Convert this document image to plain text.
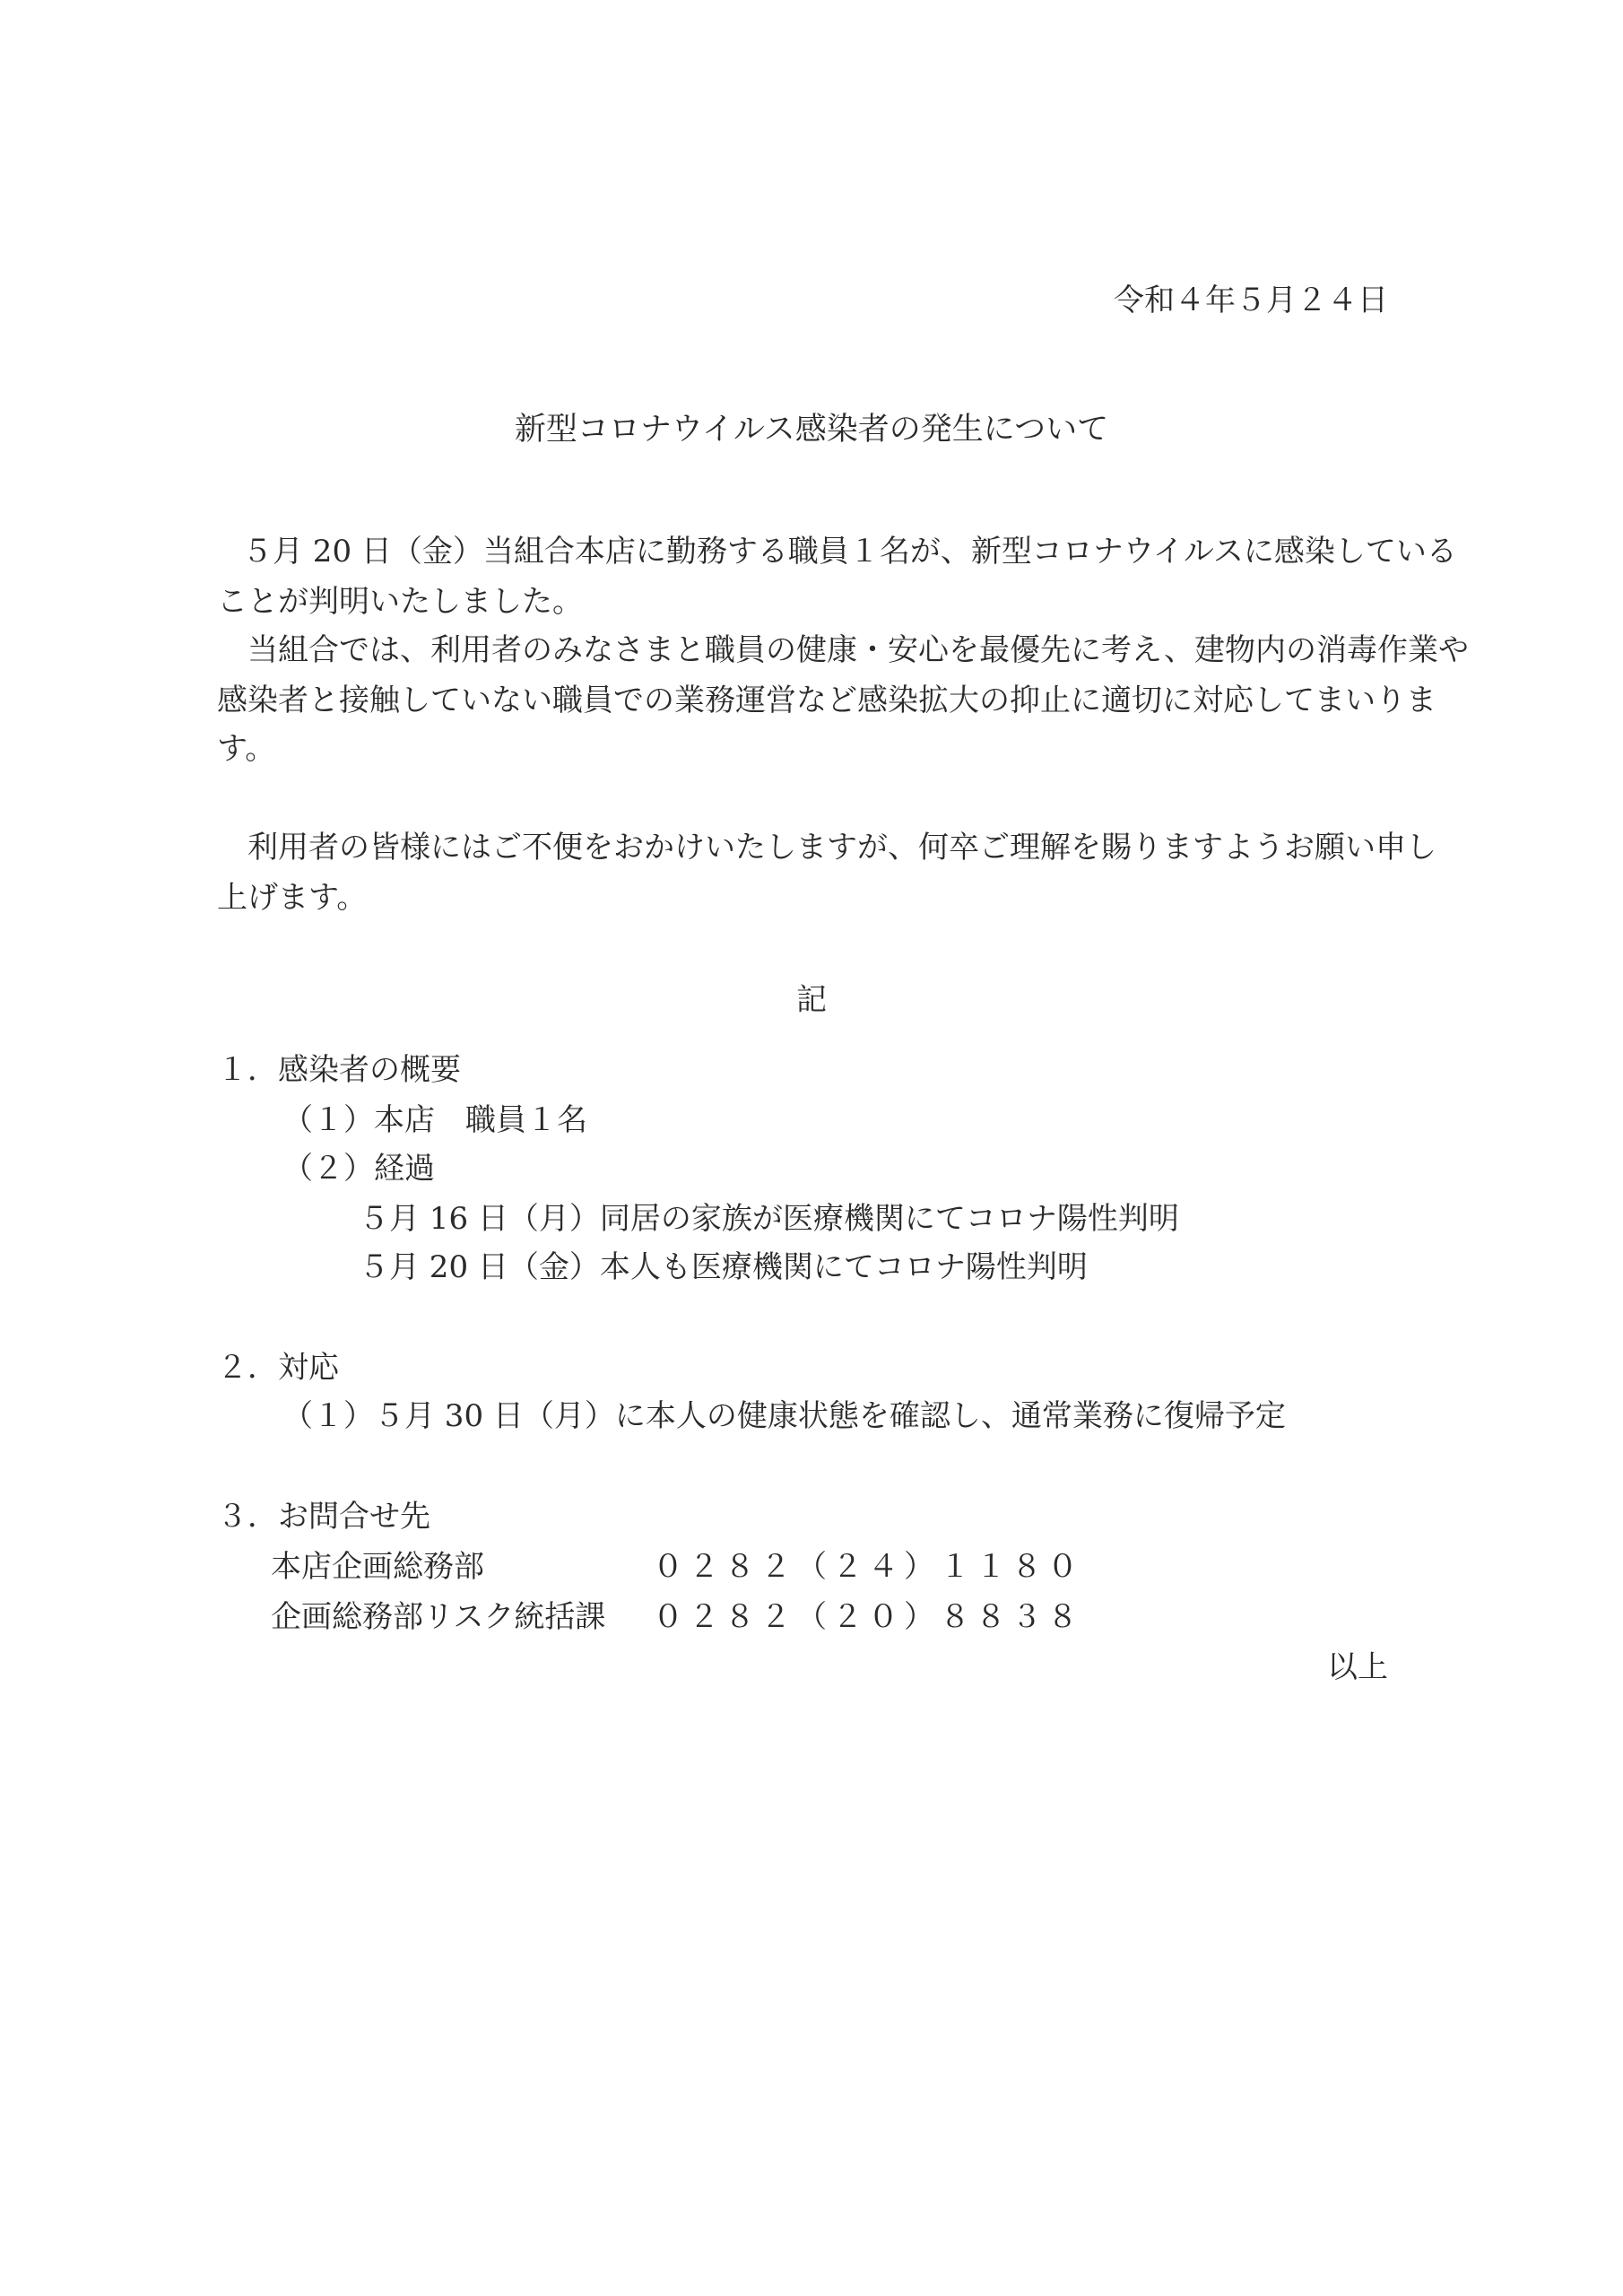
令和４年５月２４日
新型コロナウイルス感染者の発生について
５月 20 日（金）当組合本店に勤務する職員１名が、新型コロナウイルスに感染している
ことが判明いたしました。
　当組合では、利用者のみなさまと職員の健康・安心を最優先に考え、建物内の消毒作業や
感染者と接触していない職員での業務運営など感染拡大の抑止に適切に対応してまいりま
す。
　利用者の皆様にはご不便をおかけいたしますが、何卒ご理解を賜りますようお願い申し
上げます。
記
１．感染者の概要
（１）本店　職員１名
（２）経過
５月 16 日（月）同居の家族が医療機関にてコロナ陽性判明
５月 20 日（金）本人も医療機関にてコロナ陽性判明
２．対応
（１）５月 30 日（月）に本人の健康状態を確認し、通常業務に復帰予定
３．お問合せ先
本店企画総務部	０２８２（２４）１１８０
企画総務部リスク統括課 ０２８２（２０）８８３８
以上
